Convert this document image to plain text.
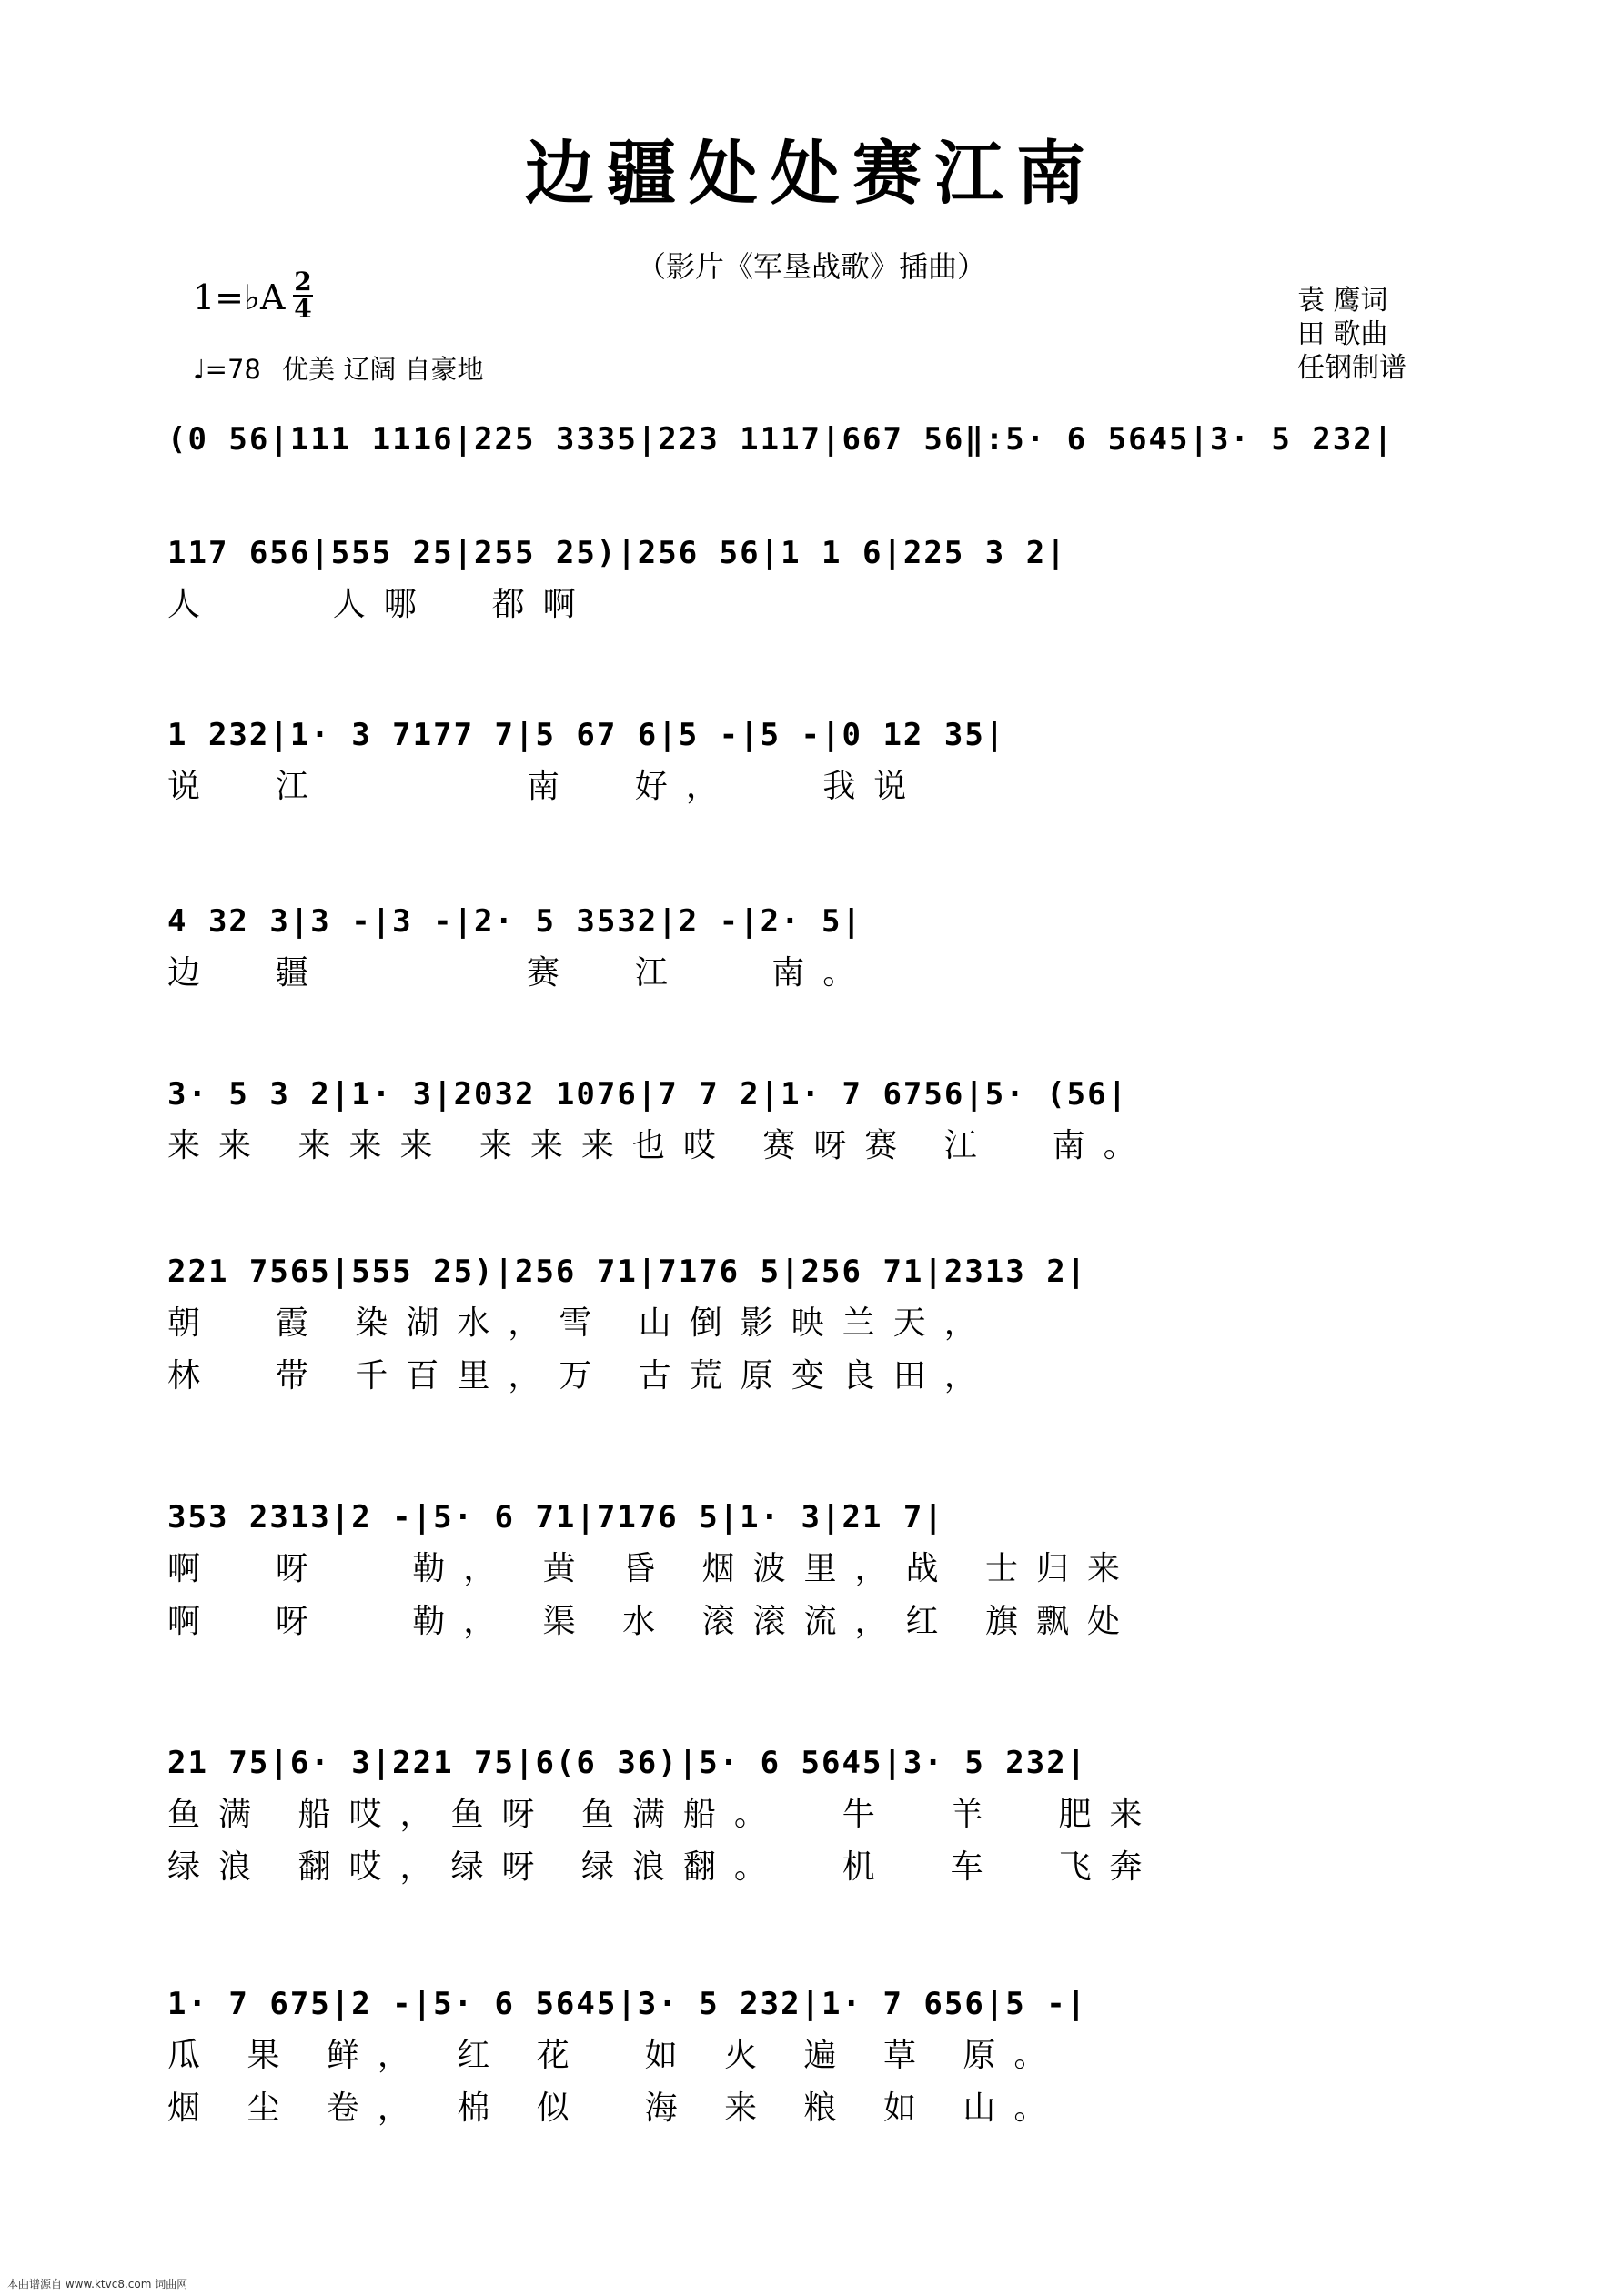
边疆处处赛江南
（影片《军垦战歌》插曲）
1=♭A 2
4
♩=78 优美 辽阔 自豪地
袁 鹰词
田 歌曲
任钢制谱
(0 56|111 1116|225 3335|223 1117|667 56‖:5· 6 5645|3· 5 232|
117 656|555 25|255 25)|256 56|1 1 6|225 3 2|
人    人哪  都啊
1 232|1· 3 7177 7|5 67 6|5 -|5 -|0 12 35|
说  江       南  好，   我说
4 32 3|3 -|3 -|2· 5 3532|2 -|2· 5|
边  疆       赛  江   南。
3· 5 3 2|1· 3|2032 1076|7 7 2|1· 7 6756|5· (56|
来来 来来来 来来来也哎 赛呀赛 江  南。
221 7565|555 25)|256 71|7176 5|256 71|2313 2|
朝  霞 染湖水，雪 山倒影映兰天，
林  带 千百里，万 古荒原变良田，
353 2313|2 -|5· 6 71|7176 5|1· 3|21 7|
啊  呀   勒， 黄 昏 烟波里，战 士归来
啊  呀   勒， 渠 水 滚滚流，红 旗飘处
21 75|6· 3|221 75|6(6 36)|5· 6 5645|3· 5 232|
鱼满 船哎，鱼呀 鱼满船。  牛  羊  肥来
绿浪 翻哎，绿呀 绿浪翻。  机  车  飞奔
1· 7 675|2 -|5· 6 5645|3· 5 232|1· 7 656|5 -|
瓜 果 鲜， 红 花  如 火 遍 草 原。
烟 尘 卷， 棉 似  海 来 粮 如 山。
本曲谱源自 www.ktvc8.com 词曲网
